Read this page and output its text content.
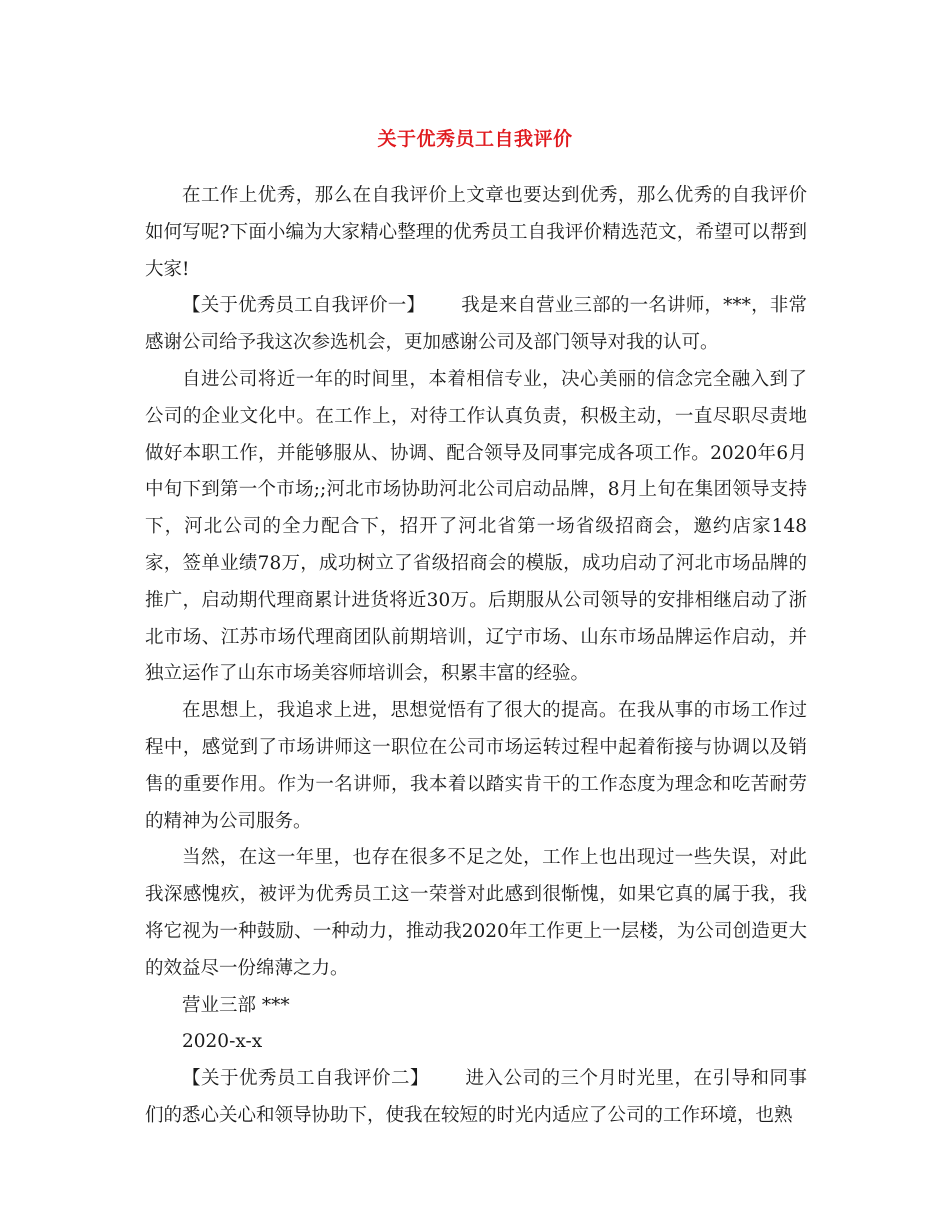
关于优秀员工自我评价

在工作上优秀，那么在自我评价上文章也要达到优秀，那么优秀的自我评价如何写呢?下面小编为大家精心整理的优秀员工自我评价精选范文，希望可以帮到大家!

【关于优秀员工自我评价一】 我是来自营业三部的一名讲师，***，非常感谢公司给予我这次参选机会，更加感谢公司及部门领导对我的认可。

自进公司将近一年的时间里，本着相信专业，决心美丽的信念完全融入到了公司的企业文化中。在工作上，对待工作认真负责，积极主动，一直尽职尽责地做好本职工作，并能够服从、协调、配合领导及同事完成各项工作。2020年6月中旬下到第一个市场;;河北市场协助河北公司启动品牌，8月上旬在集团领导支持下，河北公司的全力配合下，招开了河北省第一场省级招商会，邀约店家148家，签单业绩78万，成功树立了省级招商会的模版，成功启动了河北市场品牌的推广，启动期代理商累计进货将近30万。后期服从公司领导的安排相继启动了浙北市场、江苏市场代理商团队前期培训，辽宁市场、山东市场品牌运作启动，并独立运作了山东市场美容师培训会，积累丰富的经验。

在思想上，我追求上进，思想觉悟有了很大的提高。在我从事的市场工作过程中，感觉到了市场讲师这一职位在公司市场运转过程中起着衔接与协调以及销售的重要作用。作为一名讲师，我本着以踏实肯干的工作态度为理念和吃苦耐劳的精神为公司服务。

当然，在这一年里，也存在很多不足之处，工作上也出现过一些失误，对此我深感愧疚，被评为优秀员工这一荣誉对此感到很惭愧，如果它真的属于我，我将它视为一种鼓励、一种动力，推动我2020年工作更上一层楼，为公司创造更大的效益尽一份绵薄之力。

营业三部 ***

2020-x-x

【关于优秀员工自我评价二】 进入公司的三个月时光里，在引导和同事们的悉心关心和领导协助下，使我在较短的时光内适应了公司的工作环境，也熟
